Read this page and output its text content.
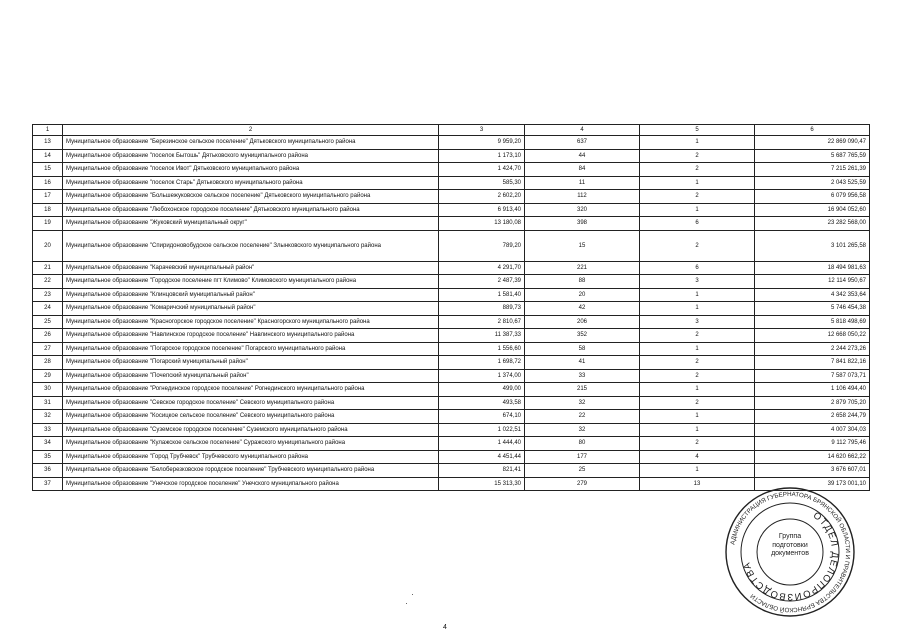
1	2	3	4	5	6
13	Муниципальное образование "Березинское сельское поселение" Дятьковского муниципального района	9 959,20	637	1	22 869 090,47
14	Муниципальное образование "поселок Бытошь" Дятьковского муниципального района	1 173,10	44	2	5 687 765,59
15	Муниципальное образование "поселок Ивот" Дятьковского муниципального района	1 424,70	84	2	7 215 261,39
16	Муниципальное образование "поселок Старь" Дятьковского муниципального района	585,30	11	1	2 043 525,59
17	Муниципальное образование "Большежуковское сельское поселение" Дятьковского муниципального района	2 602,20	112	2	6 079 956,58
18	Муниципальное образование "Любохонское городское поселение" Дятьковского муниципального района	6 913,40	320	1	16 904 052,60
19	Муниципальное образование "Жуковский муниципальный округ"	13 180,08	398	6	23 282 568,00
20	Муниципальное образование "Спиридоновобудское сельское поселение" Злынковского муниципального района	789,20	15	2	3 101 265,58
21	Муниципальное образование "Карачевский муниципальный район"	4 291,70	221	6	18 494 981,63
22	Муниципальное образование "Городское поселение пгт Климово" Климовского муниципального района	2 487,39	88	3	12 114 950,67
23	Муниципальное образование "Клинцовский муниципальный район"	1 581,40	20	1	4 342 353,64
24	Муниципальное образование "Комаричский муниципальный район"	889,73	42	1	5 746 454,38
25	Муниципальное образование "Красногорское городское поселение" Красногорского муниципального района	2 810,67	206	3	5 818 498,69
26	Муниципальное образование "Навлинское городское поселение" Навлинского муниципального района	11 387,33	352	2	12 668 050,22
27	Муниципальное образование "Погарское городское поселение" Погарского муниципального района	1 556,60	58	1	2 244 273,26
28	Муниципальное образование "Погарский муниципальный район"	1 698,72	41	2	7 841 822,16
29	Муниципальное образование "Почепский муниципальный район"	1 374,00	33	2	7 587 073,71
30	Муниципальное образование "Рогнединское городское поселение" Рогнединского муниципального района	499,00	215	1	1 106 494,40
31	Муниципальное образование "Севское городское поселение" Севского муниципального района	493,58	32	2	2 879 705,20
32	Муниципальное образование "Косицкое сельское поселение" Севского муниципального района	674,10	22	1	2 658 244,79
33	Муниципальное образование "Суземское городское поселение" Суземского муниципального района	1 022,51	32	1	4 007 304,03
34	Муниципальное образование "Кулажское сельское поселение" Суражского муниципального района	1 444,40	80	2	9 112 795,46
35	Муниципальное образование "Город Трубчевск" Трубчевского муниципального района	4 451,44	177	4	14 620 662,22
36	Муниципальное образование "Белоберезковское городское поселение" Трубчевского муниципального района	821,41	25	1	3 676 607,01
37	Муниципальное образование "Унечское городское поселение" Унечского муниципального района	15 313,30	279	13	39 173 001,10
4
АДМИНИСТРАЦИЯ ГУБЕРНАТОРА БРЯНСКОЙ ОБЛАСТИ И ПРАВИТЕЛЬСТВА БРЯНСКОЙ ОБЛАСТИ
ОТДЕЛ ДЕЛОПРОИЗВОДСТВА
Группа
подготовки
документов
